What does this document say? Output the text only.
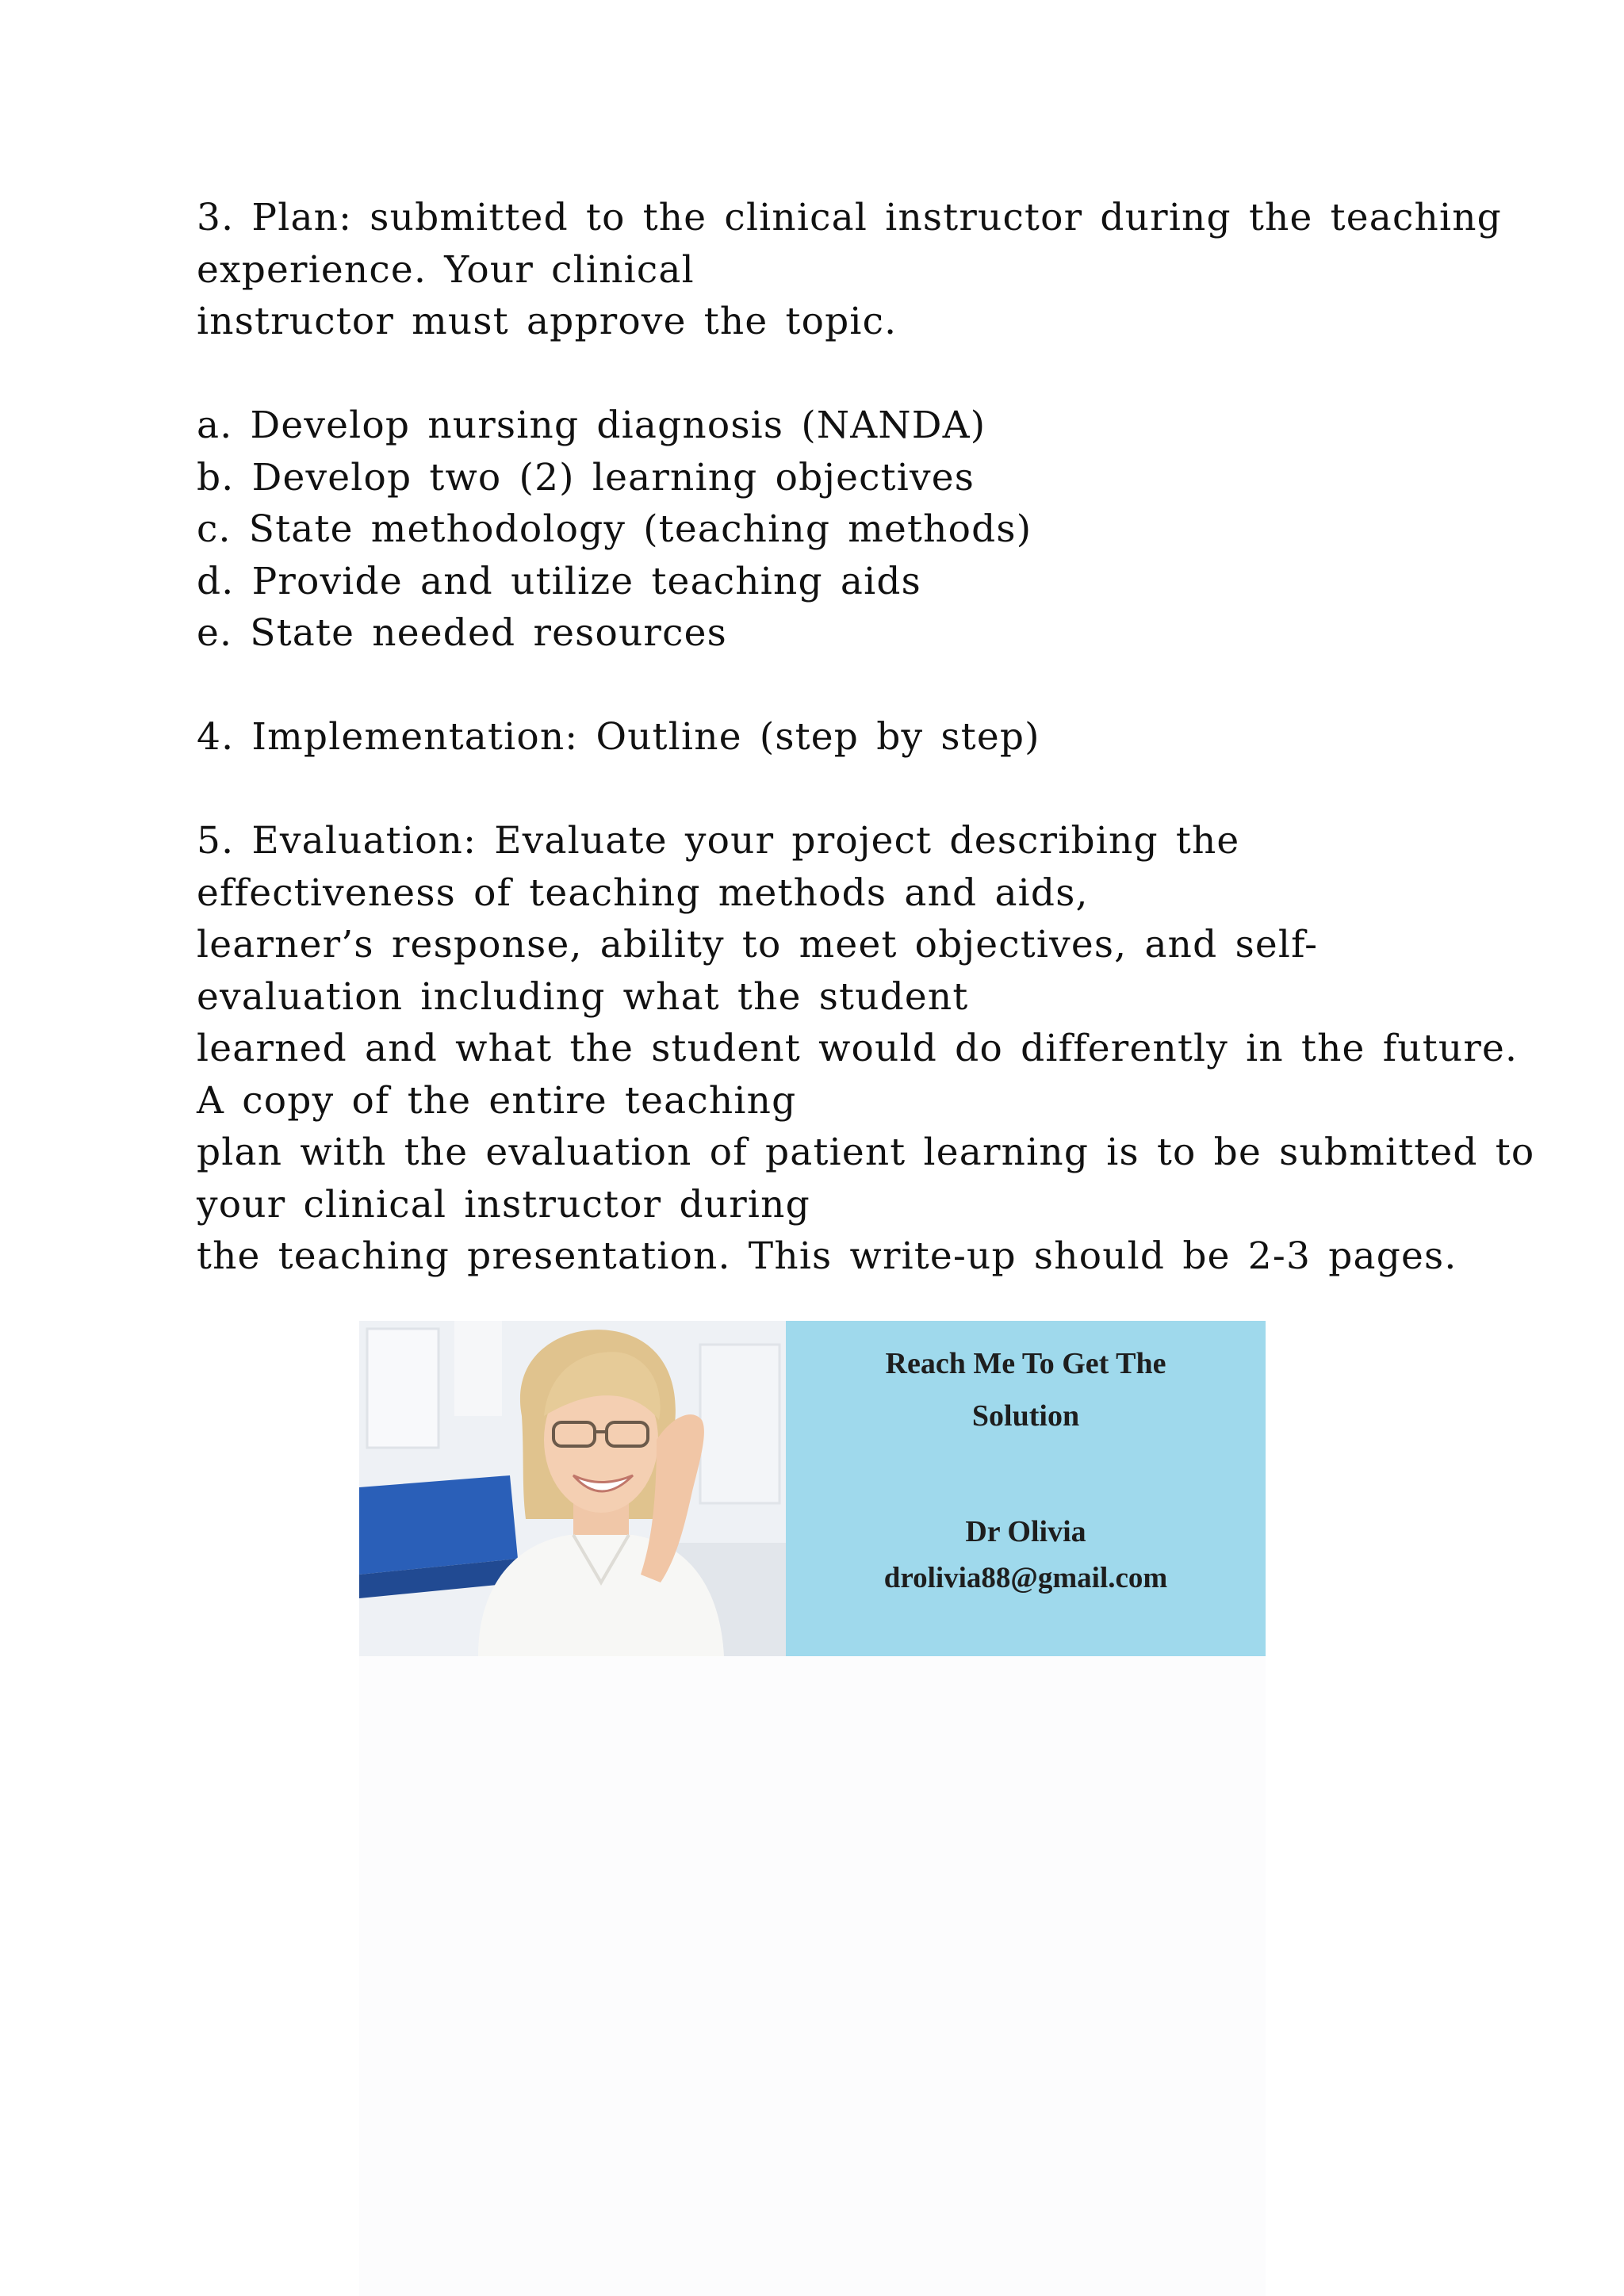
3. Plan: submitted to the clinical instructor during the teaching
experience. Your clinical
instructor must approve the topic.
a. Develop nursing diagnosis (NANDA)
b. Develop two (2) learning objectives
c. State methodology (teaching methods)
d. Provide and utilize teaching aids
e. State needed resources
4. Implementation: Outline (step by step)
5. Evaluation: Evaluate your project describing the
effectiveness of teaching methods and aids,
learner’s response, ability to meet objectives, and self-
evaluation including what the student
learned and what the student would do differently in the future.
A copy of the entire teaching
plan with the evaluation of patient learning is to be submitted to
your clinical instructor during
the teaching presentation. This write-up should be 2-3 pages.
Reach Me To Get The
Solution
Dr Olivia
drolivia88@gmail.com
